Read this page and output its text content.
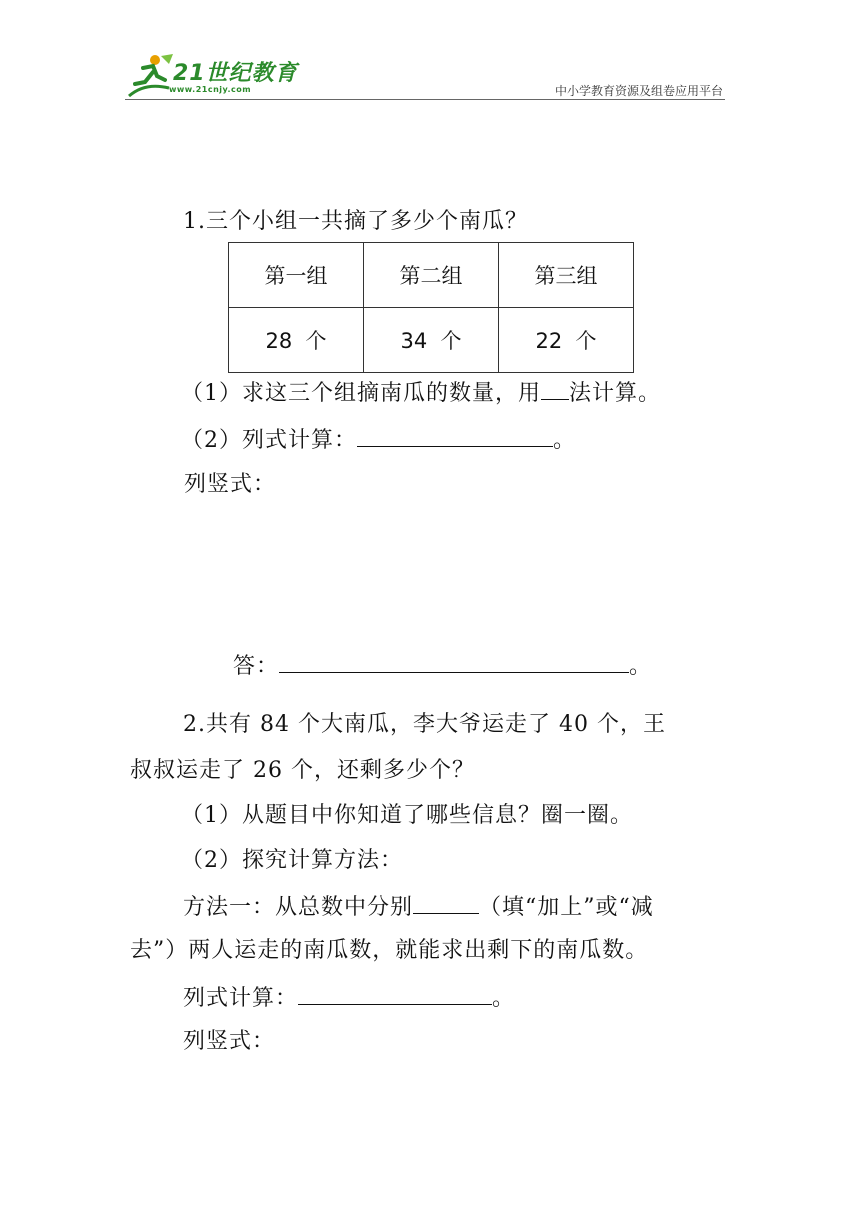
21世纪教育
www.21cnjy.com	中小学教育资源及组卷应用平台
1.三个小组一共摘了多少个南瓜？
第一组	第二组	第三组
28 个	34 个	22 个
（1）求这三个组摘南瓜的数量，用 法计算。
（2）列式计算：	。
列竖式：
答：	。
2.共有 84 个大南瓜，李大爷运走了 40 个，王
叔叔运走了 26 个，还剩多少个？
（1）从题目中你知道了哪些信息？圈一圈。
（2）探究计算方法：
方法一：从总数中分别	（填“加上”或“减
去”）两人运走的南瓜数，就能求出剩下的南瓜数。
列式计算：	。
列竖式：
